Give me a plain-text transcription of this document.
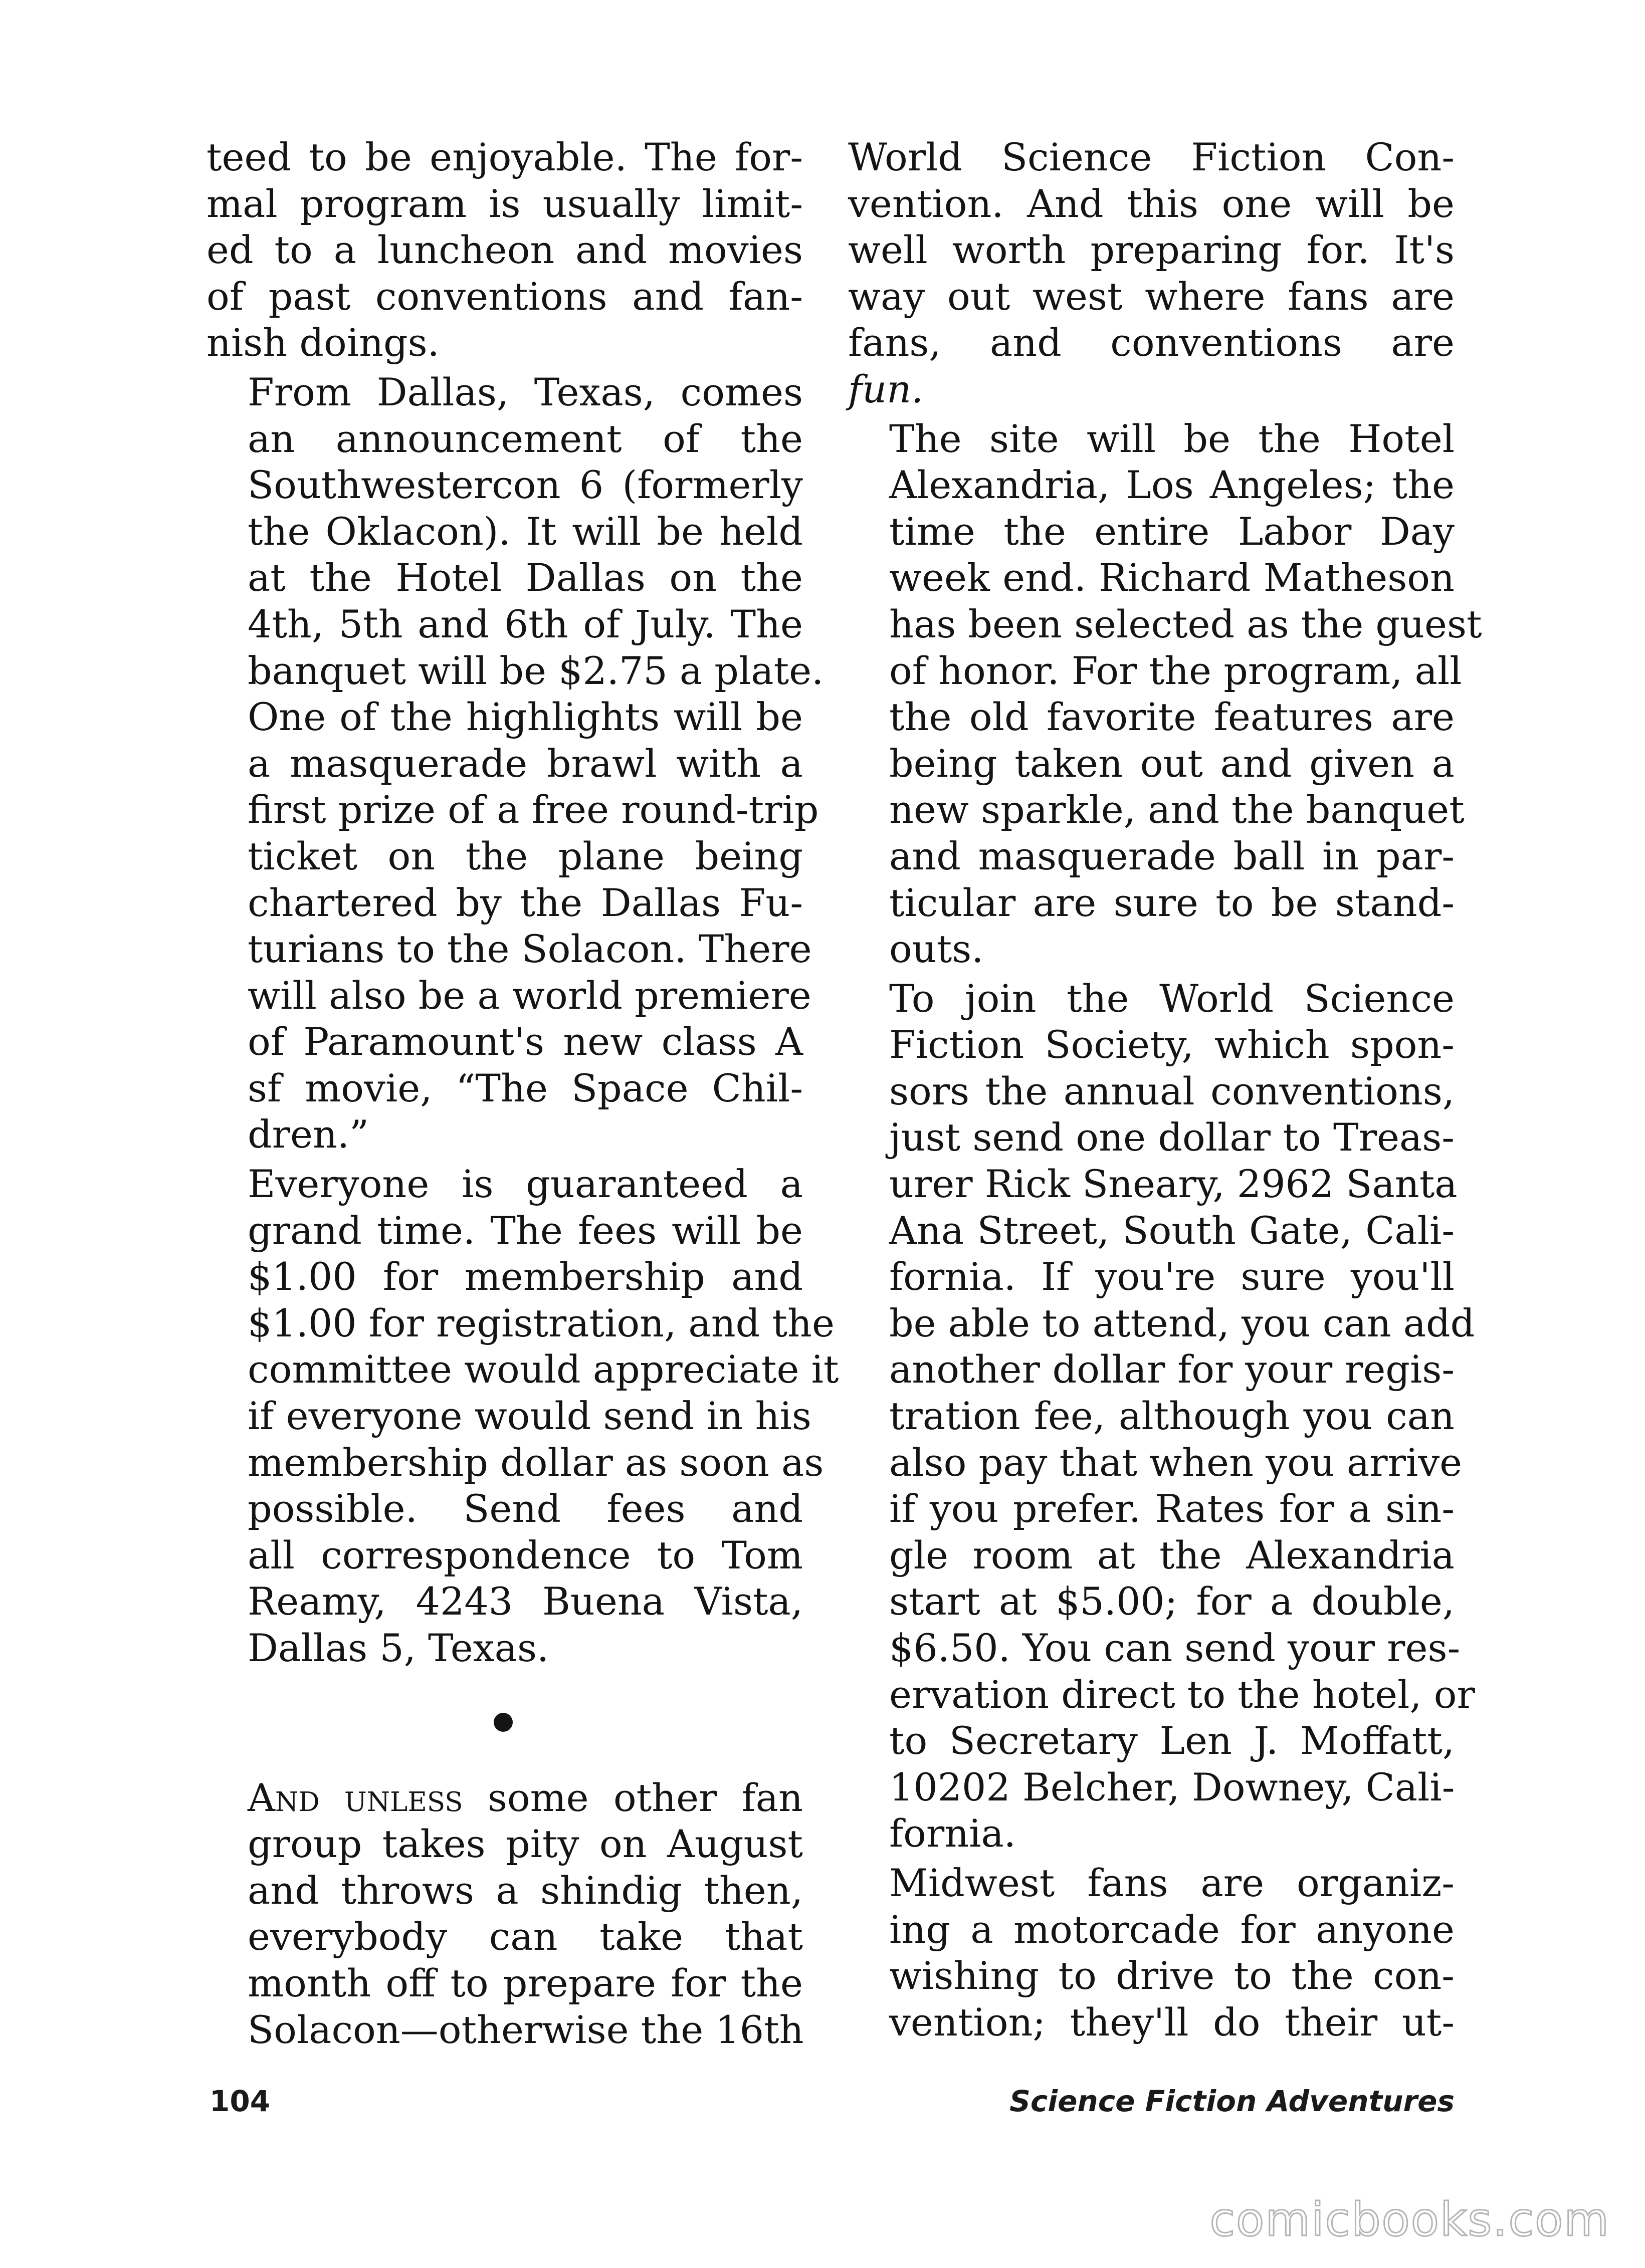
teed to be enjoyable. The for-
mal program is usually limit-
ed to a luncheon and movies
of past conventions and fan-
nish doings.

From Dallas, Texas, comes
an announcement of the
Southwestercon 6 (formerly
the Oklacon). It will be held
at the Hotel Dallas on the
4th, 5th and 6th of July. The
banquet will be $2.75 a plate.
One of the highlights will be
a masquerade brawl with a
first prize of a free round-trip
ticket on the plane being
chartered by the Dallas Fu-
turians to the Solacon. There
will also be a world premiere
of Paramount's new class A
sf movie, “The Space Chil-
dren.”

Everyone is guaranteed a
grand time. The fees will be
$1.00 for membership and
$1.00 for registration, and the
committee would appreciate it
if everyone would send in his
membership dollar as soon as
possible. Send fees and
all correspondence to Tom
Reamy, 4243 Buena Vista,
Dallas 5, Texas.

And unless some other fan
group takes pity on August
and throws a shindig then,
everybody can take that
month off to prepare for the
Solacon—otherwise the 16th

World Science Fiction Con-
vention. And this one will be
well worth preparing for. It's
way out west where fans are
fans, and conventions are
fun.

The site will be the Hotel
Alexandria, Los Angeles; the
time the entire Labor Day
week end. Richard Matheson
has been selected as the guest
of honor. For the program, all
the old favorite features are
being taken out and given a
new sparkle, and the banquet
and masquerade ball in par-
ticular are sure to be stand-
outs.

To join the World Science
Fiction Society, which spon-
sors the annual conventions,
just send one dollar to Treas-
urer Rick Sneary, 2962 Santa
Ana Street, South Gate, Cali-
fornia. If you're sure you'll
be able to attend, you can add
another dollar for your regis-
tration fee, although you can
also pay that when you arrive
if you prefer. Rates for a sin-
gle room at the Alexandria
start at $5.00; for a double,
$6.50. You can send your res-
ervation direct to the hotel, or
to Secretary Len J. Moffatt,
10202 Belcher, Downey, Cali-
fornia.

Midwest fans are organiz-
ing a motorcade for anyone
wishing to drive to the con-
vention; they'll do their ut-

104	Science Fiction Adventures
comicbooks.com
